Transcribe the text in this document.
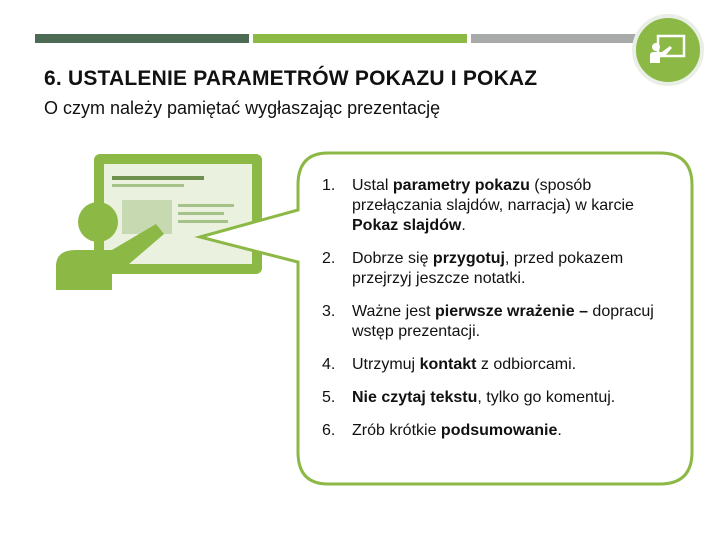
6. USTALENIE PARAMETRÓW POKAZU I POKAZ
O czym należy pamiętać wygłaszając prezentację
1.	Ustal parametry pokazu (sposób przełączania slajdów, narracja) w karcie Pokaz slajdów.
2.	Dobrze się przygotuj, przed pokazem przejrzyj jeszcze notatki.
3.	Ważne jest pierwsze wrażenie – dopracuj wstęp prezentacji.
4.	Utrzymuj kontakt z odbiorcami.
5.	Nie czytaj tekstu, tylko go komentuj.
6.	Zrób krótkie podsumowanie.
